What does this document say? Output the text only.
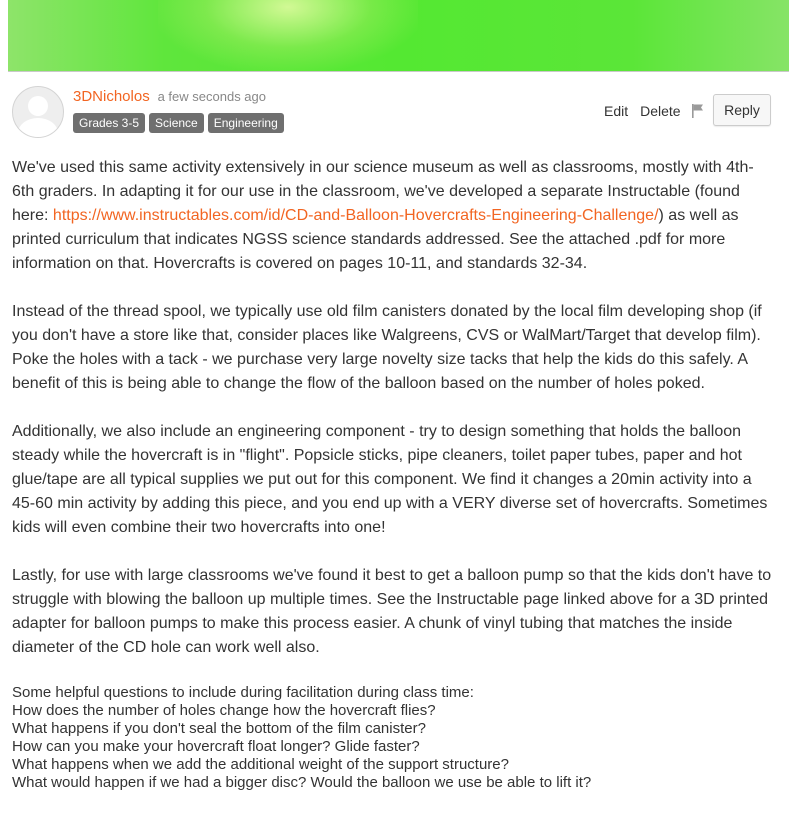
3DNicholos a few seconds ago
Grades 3-5	Science	Engineering
Edit Delete	Reply

We've used this same activity extensively in our science museum as well as classrooms, mostly with 4th-6th graders. In adapting it for our use in the classroom, we've developed a separate Instructable (found here: https://www.instructables.com/id/CD-and-Balloon-Hovercrafts-Engineering-Challenge/) as well as printed curriculum that indicates NGSS science standards addressed. See the attached .pdf for more information on that. Hovercrafts is covered on pages 10-11, and standards 32-34.

Instead of the thread spool, we typically use old film canisters donated by the local film developing shop (if you don't have a store like that, consider places like Walgreens, CVS or WalMart/Target that develop film). Poke the holes with a tack - we purchase very large novelty size tacks that help the kids do this safely. A benefit of this is being able to change the flow of the balloon based on the number of holes poked.

Additionally, we also include an engineering component - try to design something that holds the balloon steady while the hovercraft is in "flight". Popsicle sticks, pipe cleaners, toilet paper tubes, paper and hot glue/tape are all typical supplies we put out for this component. We find it changes a 20min activity into a 45-60 min activity by adding this piece, and you end up with a VERY diverse set of hovercrafts. Sometimes kids will even combine their two hovercrafts into one!

Lastly, for use with large classrooms we've found it best to get a balloon pump so that the kids don't have to struggle with blowing the balloon up multiple times. See the Instructable page linked above for a 3D printed adapter for balloon pumps to make this process easier. A chunk of vinyl tubing that matches the inside diameter of the CD hole can work well also.

Some helpful questions to include during facilitation during class time:
How does the number of holes change how the hovercraft flies?
What happens if you don't seal the bottom of the film canister?
How can you make your hovercraft float longer? Glide faster?
What happens when we add the additional weight of the support structure?
What would happen if we had a bigger disc? Would the balloon we use be able to lift it?
